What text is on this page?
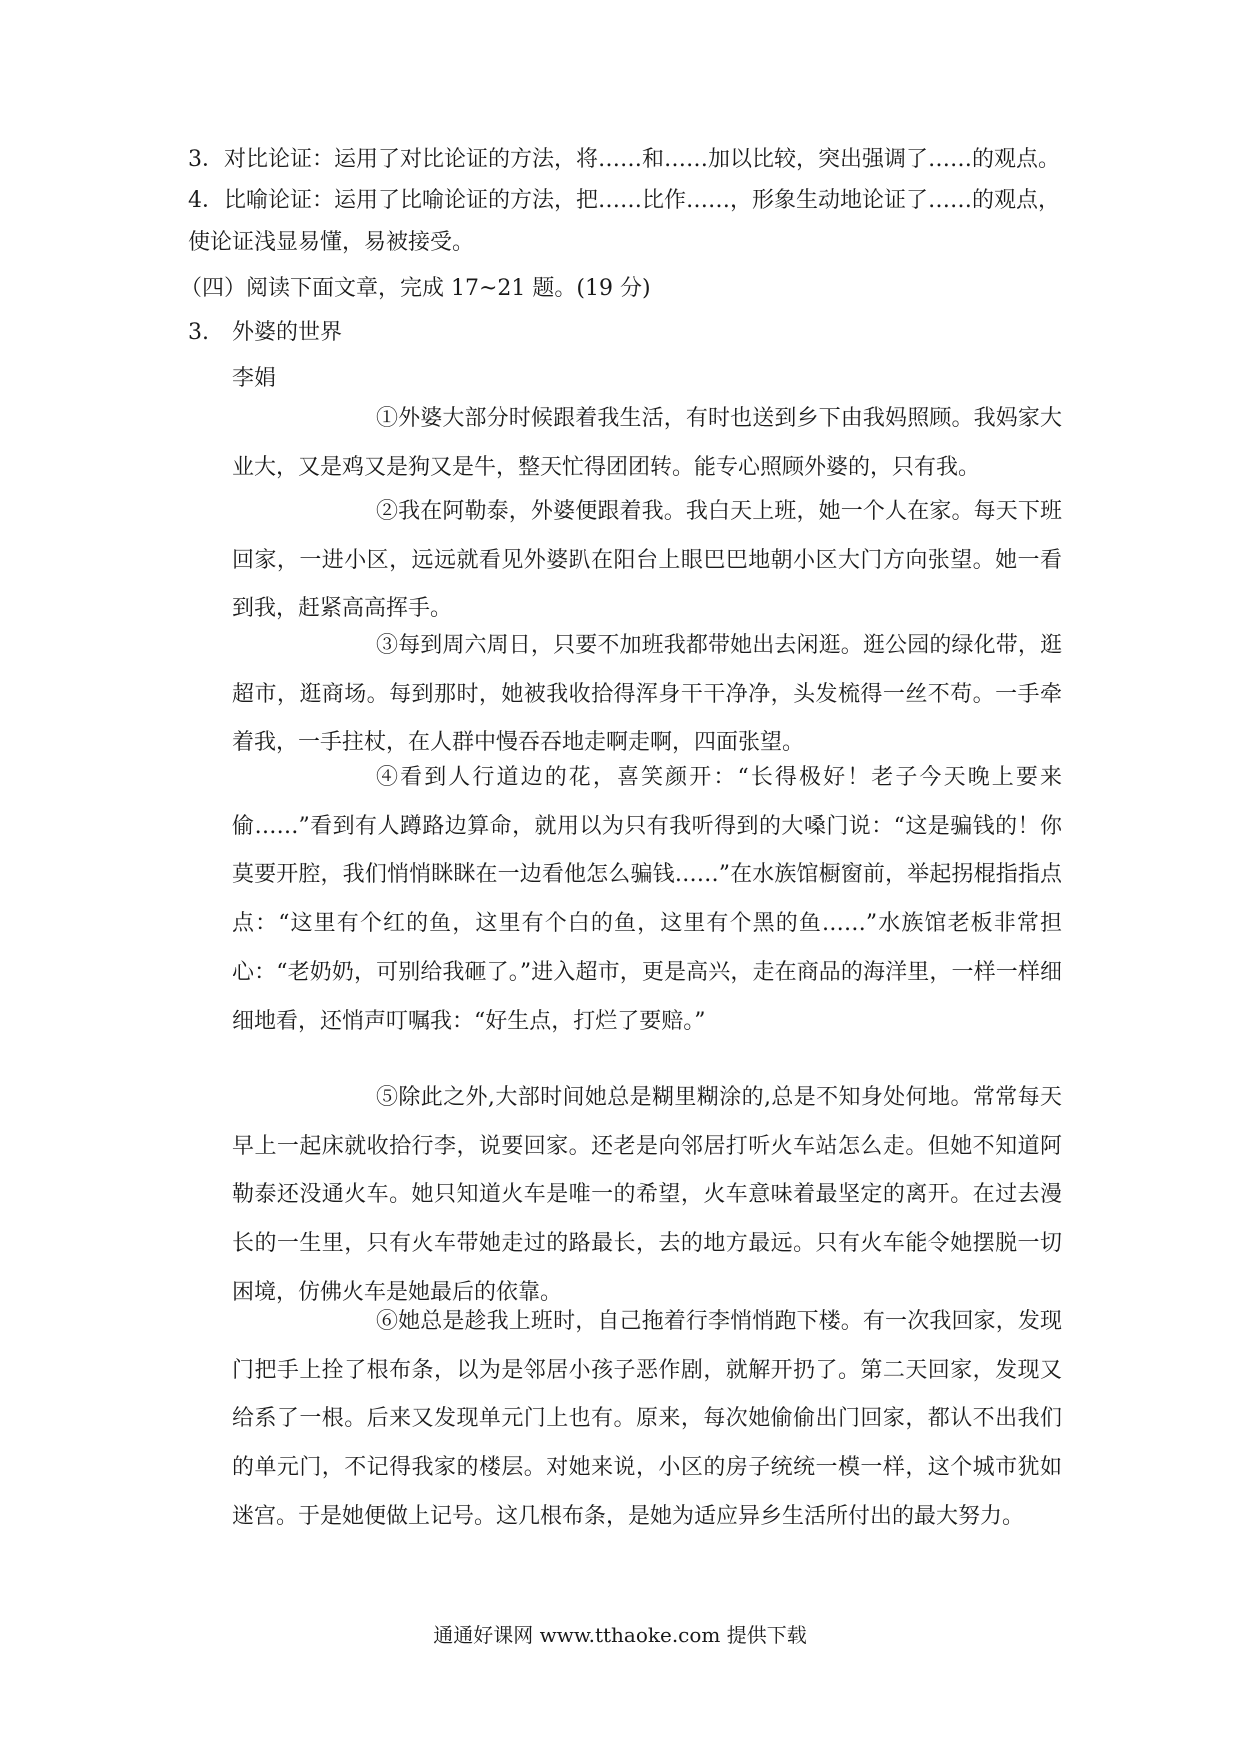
3．对比论证：运用了对比论证的方法，将……和……加以比较，突出强调了……的观点。
4．比喻论证：运用了比喻论证的方法，把……比作……，形象生动地论证了……的观点，
使论证浅显易懂，易被接受。
（四）阅读下面文章，完成 17~21 题。(19 分)
3. 外婆的世界
李娟

①外婆大部分时候跟着我生活，有时也送到乡下由我妈照顾。我妈家大业大，又是鸡又是狗又是牛，整天忙得团团转。能专心照顾外婆的，只有我。

②我在阿勒泰，外婆便跟着我。我白天上班，她一个人在家。每天下班回家，一进小区，远远就看见外婆趴在阳台上眼巴巴地朝小区大门方向张望。她一看到我，赶紧高高挥手。

③每到周六周日，只要不加班我都带她出去闲逛。逛公园的绿化带，逛超市，逛商场。每到那时，她被我收拾得浑身干干净净，头发梳得一丝不苟。一手牵着我，一手拄杖，在人群中慢吞吞地走啊走啊，四面张望。

④看到人行道边的花，喜笑颜开：“长得极好！老子今天晚上要来偷……”看到有人蹲路边算命，就用以为只有我听得到的大嗓门说：“这是骗钱的！你莫要开腔，我们悄悄眯眯在一边看他怎么骗钱……”在水族馆橱窗前，举起拐棍指指点点：“这里有个红的鱼，这里有个白的鱼，这里有个黑的鱼……”水族馆老板非常担心：“老奶奶，可别给我砸了。”进入超市，更是高兴，走在商品的海洋里，一样一样细细地看，还悄声叮嘱我：“好生点，打烂了要赔。”

⑤除此之外,大部时间她总是糊里糊涂的,总是不知身处何地。常常每天早上一起床就收拾行李，说要回家。还老是向邻居打听火车站怎么走。但她不知道阿勒泰还没通火车。她只知道火车是唯一的希望，火车意味着最坚定的离开。在过去漫长的一生里，只有火车带她走过的路最长，去的地方最远。只有火车能令她摆脱一切困境，仿佛火车是她最后的依靠。

⑥她总是趁我上班时，自己拖着行李悄悄跑下楼。有一次我回家，发现门把手上拴了根布条，以为是邻居小孩子恶作剧，就解开扔了。第二天回家，发现又给系了一根。后来又发现单元门上也有。原来，每次她偷偷出门回家，都认不出我们的单元门，不记得我家的楼层。对她来说，小区的房子统统一模一样，这个城市犹如迷宫。于是她便做上记号。这几根布条，是她为适应异乡生活所付出的最大努力。

通通好课网 www.tthaoke.com 提供下载
